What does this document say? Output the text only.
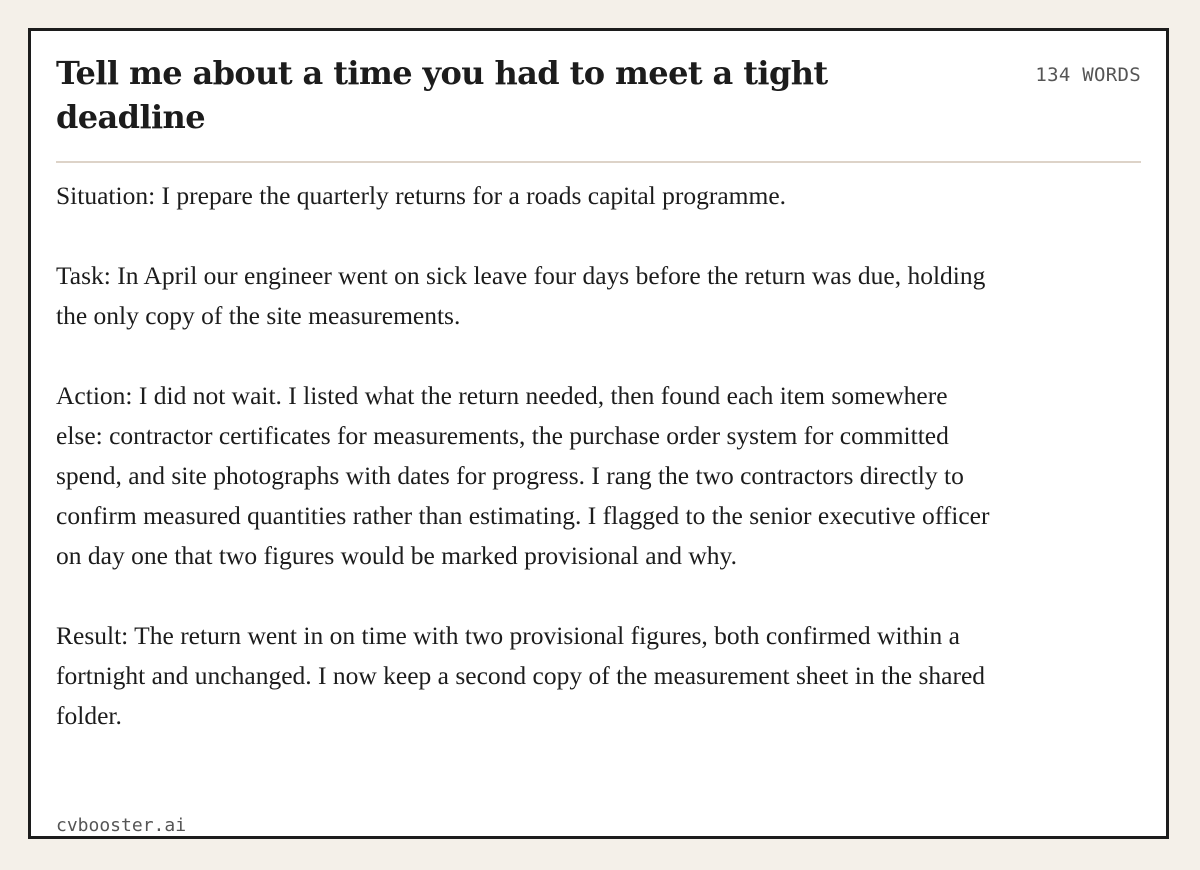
Tell me about a time you had to meet a tight deadline
134 WORDS

Situation: I prepare the quarterly returns for a roads capital programme.

Task: In April our engineer went on sick leave four days before the return was due, holding the only copy of the site measurements.

Action: I did not wait. I listed what the return needed, then found each item somewhere else: contractor certificates for measurements, the purchase order system for committed spend, and site photographs with dates for progress. I rang the two contractors directly to confirm measured quantities rather than estimating. I flagged to the senior executive officer on day one that two figures would be marked provisional and why.

Result: The return went in on time with two provisional figures, both confirmed within a fortnight and unchanged. I now keep a second copy of the measurement sheet in the shared folder.

cvbooster.ai
